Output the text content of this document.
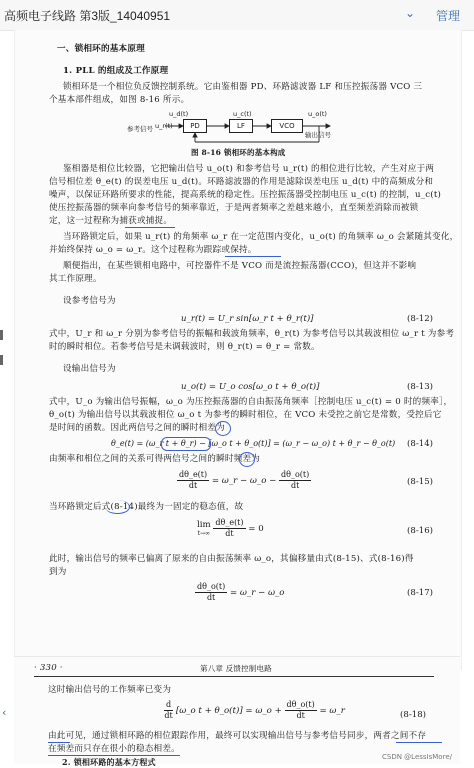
高频电子线路 第3版_14040951	⌄ 管理
一、锁相环的基本原理
1. PLL 的组成及工作原理
锁相环是一个相位负反馈控制系统。它由鉴相器 PD、环路滤波器 LF 和压控振荡器 VCO 三
个基本部件组成，如图 8-16 所示。
u_d(t)	u_c(t)	u_o(t)
u_r(t)	PD	LF	VCO
参考信号
输出信号
图 8-16 锁相环的基本构成
鉴相器是相位比较器，它把输出信号 u_o(t) 和参考信号 u_r(t) 的相位进行比较，产生对应于两
信号相位差 θ_e(t) 的误差电压 u_d(t)。环路滤波器的作用是滤除误差电压 u_d(t) 中的高频成分和
噪声，以保证环路所要求的性能，提高系统的稳定性。压控振荡器受控制电压 u_c(t) 的控制，u_c(t)
使压控振荡器的频率向参考信号的频率靠近，于是两者频率之差越来越小，直至频差消除而被锁
定，这一过程称为捕获或捕捉。
当环路锁定后，如果 u_r(t) 的角频率 ω_r 在一定范围内变化，u_o(t) 的角频率 ω_o 会紧随其变化，
并始终保持 ω_o = ω_r。这个过程称为跟踪或保持。
顺便指出，在某些锁相电路中，可控器件不是 VCO 而是流控振荡器(CCO)，但这并不影响
其工作原理。
设参考信号为
u_r(t) = U_r sin[ω_r t + θ_r(t)]	(8-12)
式中，U_r 和 ω_r 分别为参考信号的振幅和载波角频率，θ_r(t) 为参考信号以其载波相位 ω_r t 为参考
时的瞬时相位。若参考信号是未调载波时，则 θ_r(t) = θ_r = 常数。
设输出信号为
u_o(t) = U_o cos[ω_o t + θ_o(t)]	(8-13)
式中，U_o 为输出信号振幅，ω_o 为压控振荡器的自由振荡角频率［控制电压 u_c(t) = 0 时的频率］，
θ_o(t) 为输出信号以其载波相位 ω_o t 为参考的瞬时相位，在 VCO 未受控之前它是常数，受控后它
是时间的函数。因此两信号之间的瞬时相差为
θ_e(t) = (ω_r t + θ_r) − [ω_o t + θ_o(t)] = (ω_r − ω_o) t + θ_r − θ_o(t) (8-14)
由频率和相位之间的关系可得两信号之间的瞬时频差为
$\frac{d\theta\_e(t)}{dt}$ = ω_r − ω_o − $\frac{d\theta\_o(t)}{dt}$	(8-15)
当环路锁定后式(8-14)最终为一固定的稳态值，故
lim
t→∞
$\frac{d\theta\_e(t)}{dt} = 0$	(8-16)
此时，输出信号的频率已偏离了原来的自由振荡频率 ω_o，其偏移量由式(8-15)、式(8-16)得
到为
$\frac{d\theta\_o(t)}{dt}$ = ω_r − ω_o	(8-17)
· 330 ·	第八章 反馈控制电路
这时输出信号的工作频率已变为
$\frac{d}{dt}$ [ω_o t + θ_o(t)] = ω_o + $\frac{d\theta\_o(t)}{dt}$ = ω_r	(8-18)
由此可见，通过锁相环路的相位跟踪作用，最终可以实现输出信号与参考信号同步，两者之间不存
在频差而只存在很小的稳态相差。
2. 锁相环路的基本方程式	CSDN @LessIsMore/
‹
